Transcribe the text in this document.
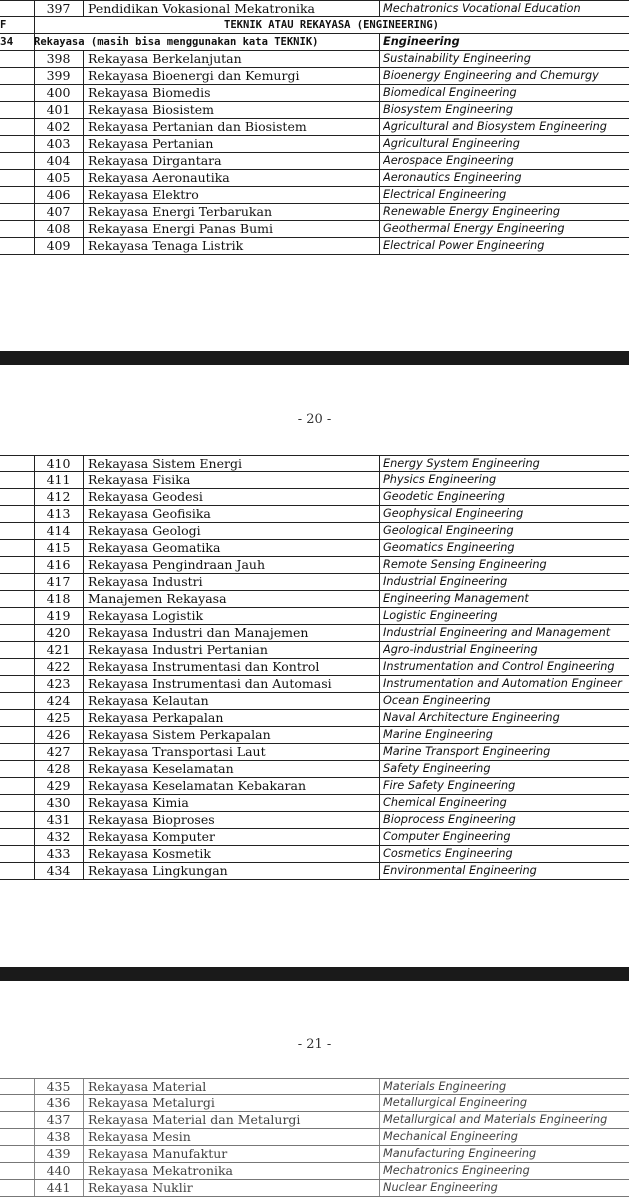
397	Pendidikan Vokasional Mekatronika	Mechatronics Vocational Education
F	TEKNIK ATAU REKAYASA (ENGINEERING)
34	Rekayasa (masih bisa menggunakan kata TEKNIK)	Engineering
398	Rekayasa Berkelanjutan	Sustainability Engineering
399	Rekayasa Bioenergi dan Kemurgi	Bioenergy Engineering and Chemurgy
400	Rekayasa Biomedis	Biomedical Engineering
401	Rekayasa Biosistem	Biosystem Engineering
402	Rekayasa Pertanian dan Biosistem	Agricultural and Biosystem Engineering
403	Rekayasa Pertanian	Agricultural Engineering
404	Rekayasa Dirgantara	Aerospace Engineering
405	Rekayasa Aeronautika	Aeronautics Engineering
406	Rekayasa Elektro	Electrical Engineering
407	Rekayasa Energi Terbarukan	Renewable Energy Engineering
408	Rekayasa Energi Panas Bumi	Geothermal Energy Engineering
409	Rekayasa Tenaga Listrik	Electrical Power Engineering
- 20 -
410	Rekayasa Sistem Energi	Energy System Engineering
411	Rekayasa Fisika	Physics Engineering
412	Rekayasa Geodesi	Geodetic Engineering
413	Rekayasa Geofisika	Geophysical Engineering
414	Rekayasa Geologi	Geological Engineering
415	Rekayasa Geomatika	Geomatics Engineering
416	Rekayasa Pengindraan Jauh	Remote Sensing Engineering
417	Rekayasa Industri	Industrial Engineering
418	Manajemen Rekayasa	Engineering Management
419	Rekayasa Logistik	Logistic Engineering
420	Rekayasa Industri dan Manajemen	Industrial Engineering and Management
421	Rekayasa Industri Pertanian	Agro-industrial Engineering
422	Rekayasa Instrumentasi dan Kontrol	Instrumentation and Control Engineering
423	Rekayasa Instrumentasi dan Automasi	Instrumentation and Automation Engineer
424	Rekayasa Kelautan	Ocean Engineering
425	Rekayasa Perkapalan	Naval Architecture Engineering
426	Rekayasa Sistem Perkapalan	Marine Engineering
427	Rekayasa Transportasi Laut	Marine Transport Engineering
428	Rekayasa Keselamatan	Safety Engineering
429	Rekayasa Keselamatan Kebakaran	Fire Safety Engineering
430	Rekayasa Kimia	Chemical Engineering
431	Rekayasa Bioproses	Bioprocess Engineering
432	Rekayasa Komputer	Computer Engineering
433	Rekayasa Kosmetik	Cosmetics Engineering
434	Rekayasa Lingkungan	Environmental Engineering
- 21 -
435	Rekayasa Material	Materials Engineering
436	Rekayasa Metalurgi	Metallurgical Engineering
437	Rekayasa Material dan Metalurgi	Metallurgical and Materials Engineering
438	Rekayasa Mesin	Mechanical Engineering
439	Rekayasa Manufaktur	Manufacturing Engineering
440	Rekayasa Mekatronika	Mechatronics Engineering
441	Rekayasa Nuklir	Nuclear Engineering
